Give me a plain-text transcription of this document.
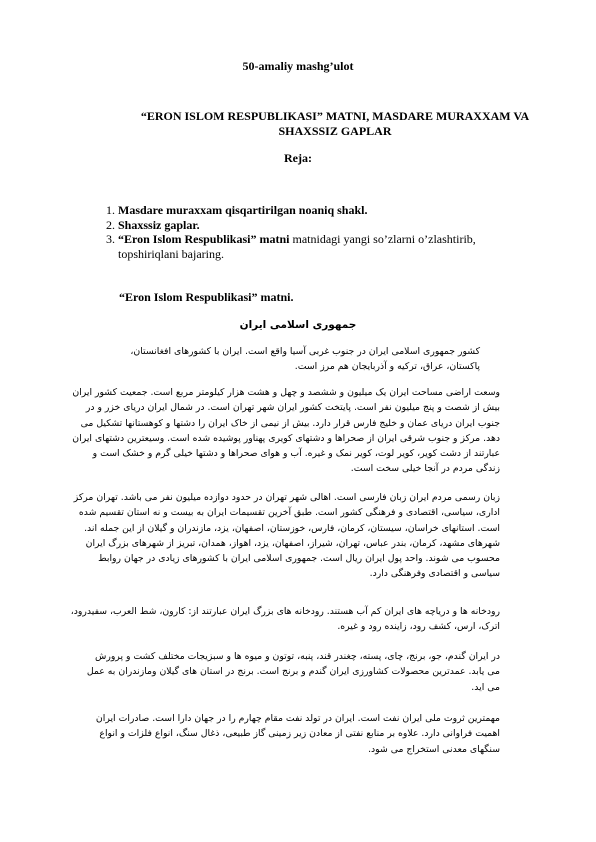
50-amaliy mashg’ulot
“ERON ISLOM RESPUBLIKASI” MATNI, MASDARE MURAXXAM VA SHAXSSIZ GAPLAR
Reja:
1. Masdare muraxxam qisqartirilgan noaniq shakl.
2. Shaxssiz gaplar.
3. “Eron Islom Respublikasi” matni matnidagi yangi so’zlarni o’zlashtirib, topshiriqlani bajaring.
“Eron Islom Respublikasi” matni.
جمهوری اسلامی ایران
کشور جمهوری اسلامی ایران در جنوب غربی آسیا واقع است. ایران با کشورهای افغانستان، پاکستان، عراق، ترکیه و آذربایجان هم مرز است.
وسعت اراضی مساحت ایران یک میلیون و ششصد و چهل و هشت هزار کیلومتر مربع است. جمعیت کشور ایران بیش از شصت و پنج میلیون نفر است. پایتخت کشور ایران شهر تهران است. در شمال ایران دریای خزر و در جنوب ایران دریای عمان و خلیج فارس قرار دارد. بیش از نیمی از خاک ایران را دشتها و کوهستانها تشکیل می دهد. مرکز و جنوب شرقی ایران از صحراها و دشتهای کویری پهناور پوشیده شده است. وسیعترین دشتهای ایران عبارتند از دشت کویر، کویر لوت، کویر نمک و غیره. آب و هوای صحراها و دشتها خیلی گرم و خشک است و زندگی مردم در آنجا خیلی سخت است.
زبان رسمی مردم ایران زبان فارسی است. اهالی شهر تهران در حدود دوازده میلیون نفر می باشد. تهران مرکز اداری، سیاسی، اقتصادی و فرهنگی کشور است. طبق آخرین تقسیمات ایران به بیست و نه استان تقسیم شده است. استانهای خراسان، سیستان، کرمان، فارس، خوزستان، اصفهان، یزد، مازندران و گیلان از این جمله اند. شهرهای مشهد، کرمان، بندر عباس، تهران، شیراز، اصفهان، یزد، اهواز، همدان، تبریز از شهرهای بزرگ ایران محسوب می شوند. واحد پول ایران ریال است. جمهوری اسلامی ایران با کشورهای زیادی در جهان روابط سیاسی و اقتصادی وفرهنگی دارد.
رودخانه ها و دریاچه های ایران کم آب هستند. رودخانه های بزرگ ایران عبارتند از: کارون، شط العرب، سفیدرود، اترک، ارس، کشف رود، زاینده رود و غیره.
در ایران گندم، جو، برنج، چای، پسته، چغندر قند، پنبه، توتون و میوه ها و سبزیجات مختلف کشت و پرورش می یابد. عمدترین محصولات کشاورزی ایران گندم و برنج است. برنج در استان های گیلان ومازندران به عمل می اید.
مهمترین ثروت ملی ایران نفت است. ایران در تولد نفت مقام چهارم را در جهان دارا است. صادرات ایران اهمیت فراوانی دارد. علاوه بر منابع نفتی از معادن زیر زمینی گاز طبیعی، ذغال سنگ، انواع فلزات و انواع سنگهای معدنی استخراج می شود.
